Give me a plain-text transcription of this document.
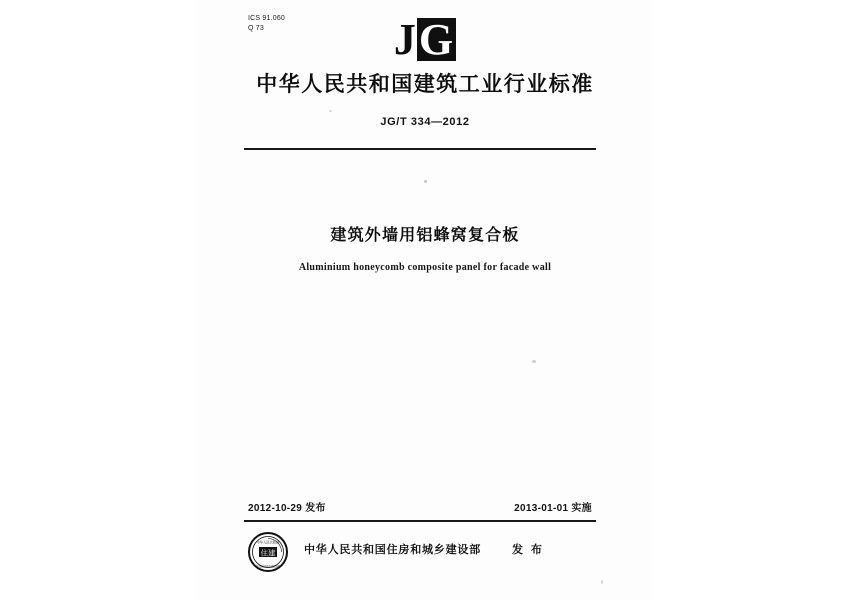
ICS 91.060
Q 73	JG
中华人民共和国建筑工业行业标准
JG/T 334—2012
建筑外墙用铝蜂窝复合板
Aluminium honeycomb composite panel for facade wall
2012-10-29 发布	2013-01-01 实施
中华人民共和国
住房和城乡建设部
住建	中华人民共和国住房和城乡建设部	发 布
